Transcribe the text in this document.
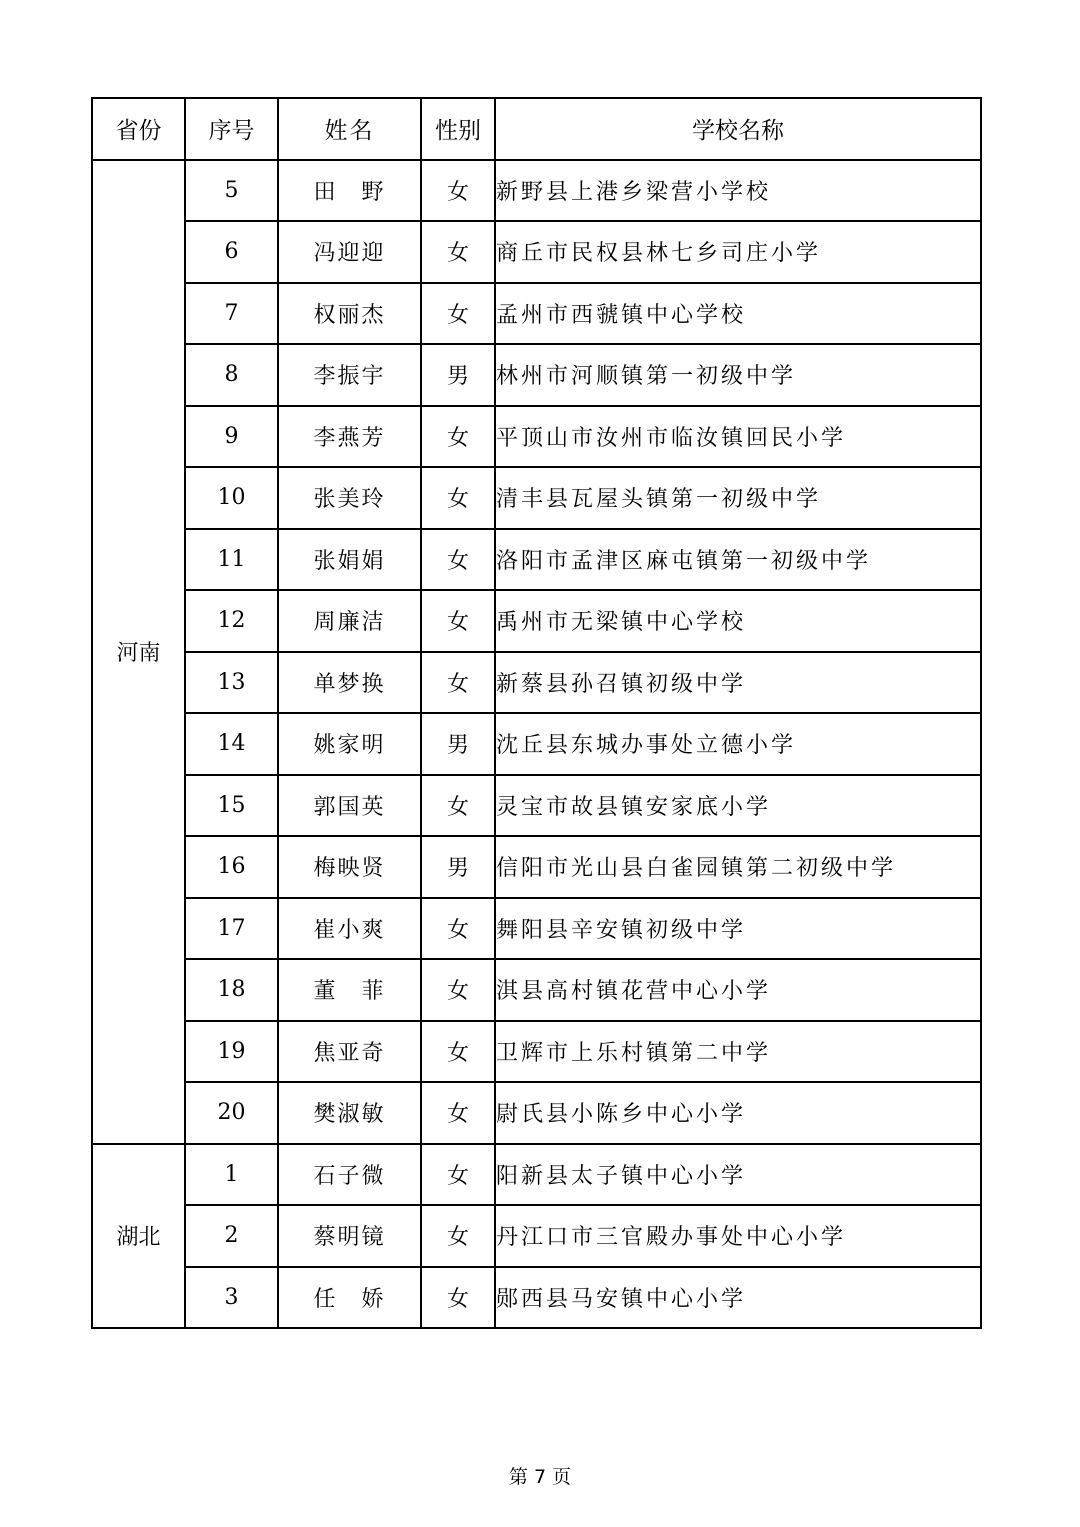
省份	序号	姓名	性别	学校名称
河南	5	田　野	女	新野县上港乡梁营小学校
	6	冯迎迎	女	商丘市民权县林七乡司庄小学
	7	权丽杰	女	孟州市西虢镇中心学校
	8	李振宇	男	林州市河顺镇第一初级中学
	9	李燕芳	女	平顶山市汝州市临汝镇回民小学
	10	张美玲	女	清丰县瓦屋头镇第一初级中学
	11	张娟娟	女	洛阳市孟津区麻屯镇第一初级中学
	12	周廉洁	女	禹州市无梁镇中心学校
	13	单梦换	女	新蔡县孙召镇初级中学
	14	姚家明	男	沈丘县东城办事处立德小学
	15	郭国英	女	灵宝市故县镇安家底小学
	16	梅映贤	男	信阳市光山县白雀园镇第二初级中学
	17	崔小爽	女	舞阳县辛安镇初级中学
	18	董　菲	女	淇县高村镇花营中心小学
	19	焦亚奇	女	卫辉市上乐村镇第二中学
	20	樊淑敏	女	尉氏县小陈乡中心小学
湖北	1	石子微	女	阳新县太子镇中心小学
	2	蔡明镜	女	丹江口市三官殿办事处中心小学
	3	任　娇	女	郧西县马安镇中心小学
第 7 页
